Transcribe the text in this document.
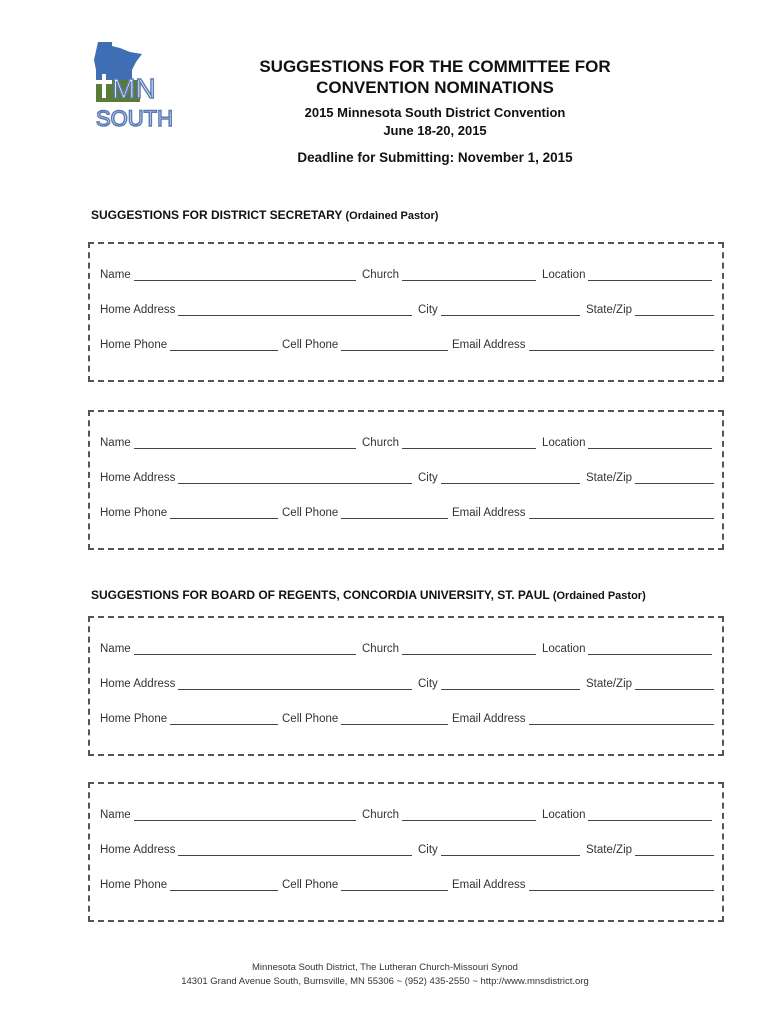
MN
SOUTH
SUGGESTIONS FOR THE COMMITTEE FOR
CONVENTION NOMINATIONS
2015 Minnesota South District Convention
June 18-20, 2015
Deadline for Submitting: November 1, 2015
SUGGESTIONS FOR DISTRICT SECRETARY (Ordained Pastor)
Name	Church	Location
Home Address	City	State/Zip
Home Phone	Cell Phone	Email Address
Name	Church	Location
Home Address	City	State/Zip
Home Phone	Cell Phone	Email Address
SUGGESTIONS FOR BOARD OF REGENTS, CONCORDIA UNIVERSITY, ST. PAUL (Ordained Pastor)
Name	Church	Location
Home Address	City	State/Zip
Home Phone	Cell Phone	Email Address
Name	Church	Location
Home Address	City	State/Zip
Home Phone	Cell Phone	Email Address
Minnesota South District, The Lutheran Church-Missouri Synod
14301 Grand Avenue South, Burnsville, MN 55306 ~ (952) 435-2550 ~ http://www.mnsdistrict.org
